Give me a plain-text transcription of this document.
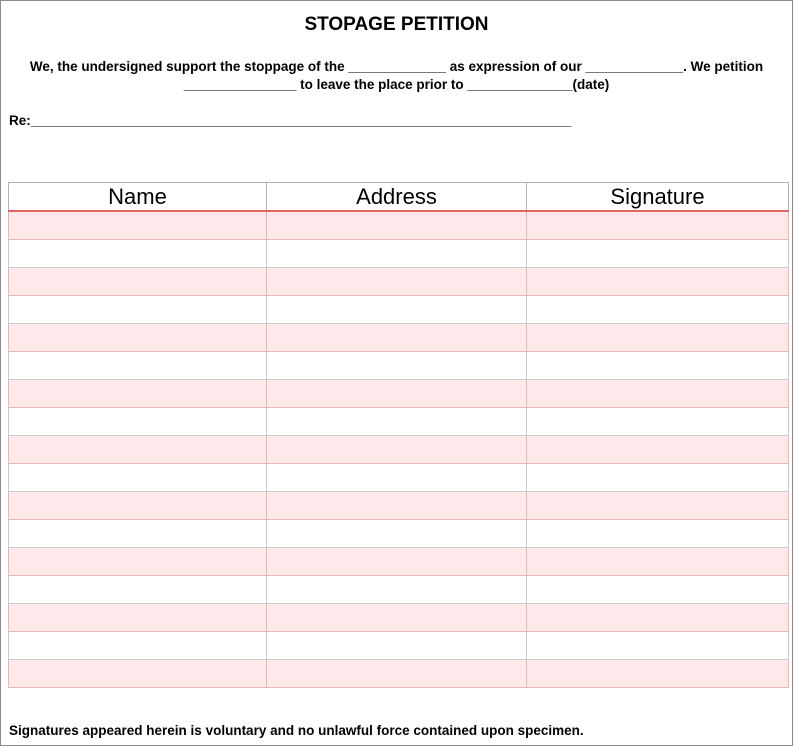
STOPAGE PETITION
We, the undersigned support the stoppage of the _____________ as expression of our _____________. We petition
_______________ to leave the place prior to ______________(date)
Re:________________________________________________________________________
Name	Address	Signature

Signatures appeared herein is voluntary and no unlawful force contained upon specimen.
